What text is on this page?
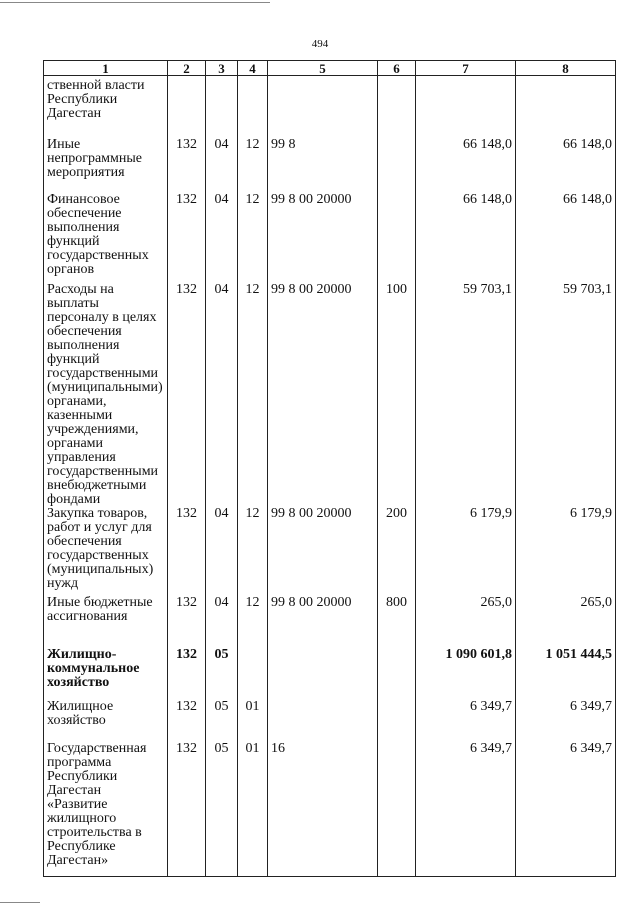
494
1	2	3	4	5	6	7	8
ственной власти Республики Дагестан							
Иные непрограммные мероприятия	132	04	12	99 8		66 148,0	66 148,0
Финансовое обеспечение выполнения функций государственных органов	132	04	12	99 8 00 20000		66 148,0	66 148,0
Расходы на выплаты персоналу в целях обеспечения выполнения функций государственными (муниципальными) органами, казенными учреждениями, органами управления государственными внебюджетными фондами	132	04	12	99 8 00 20000	100	59 703,1	59 703,1
Закупка товаров, работ и услуг для обеспечения государственных (муниципальных) нужд	132	04	12	99 8 00 20000	200	6 179,9	6 179,9
Иные бюджетные ассигнования	132	04	12	99 8 00 20000	800	265,0	265,0
Жилищно-коммунальное хозяйство	132	05				1 090 601,8	1 051 444,5
Жилищное хозяйство	132	05	01			6 349,7	6 349,7
Государственная программа Республики Дагестан «Развитие жилищного строительства в Республике Дагестан»	132	05	01	16		6 349,7	6 349,7
